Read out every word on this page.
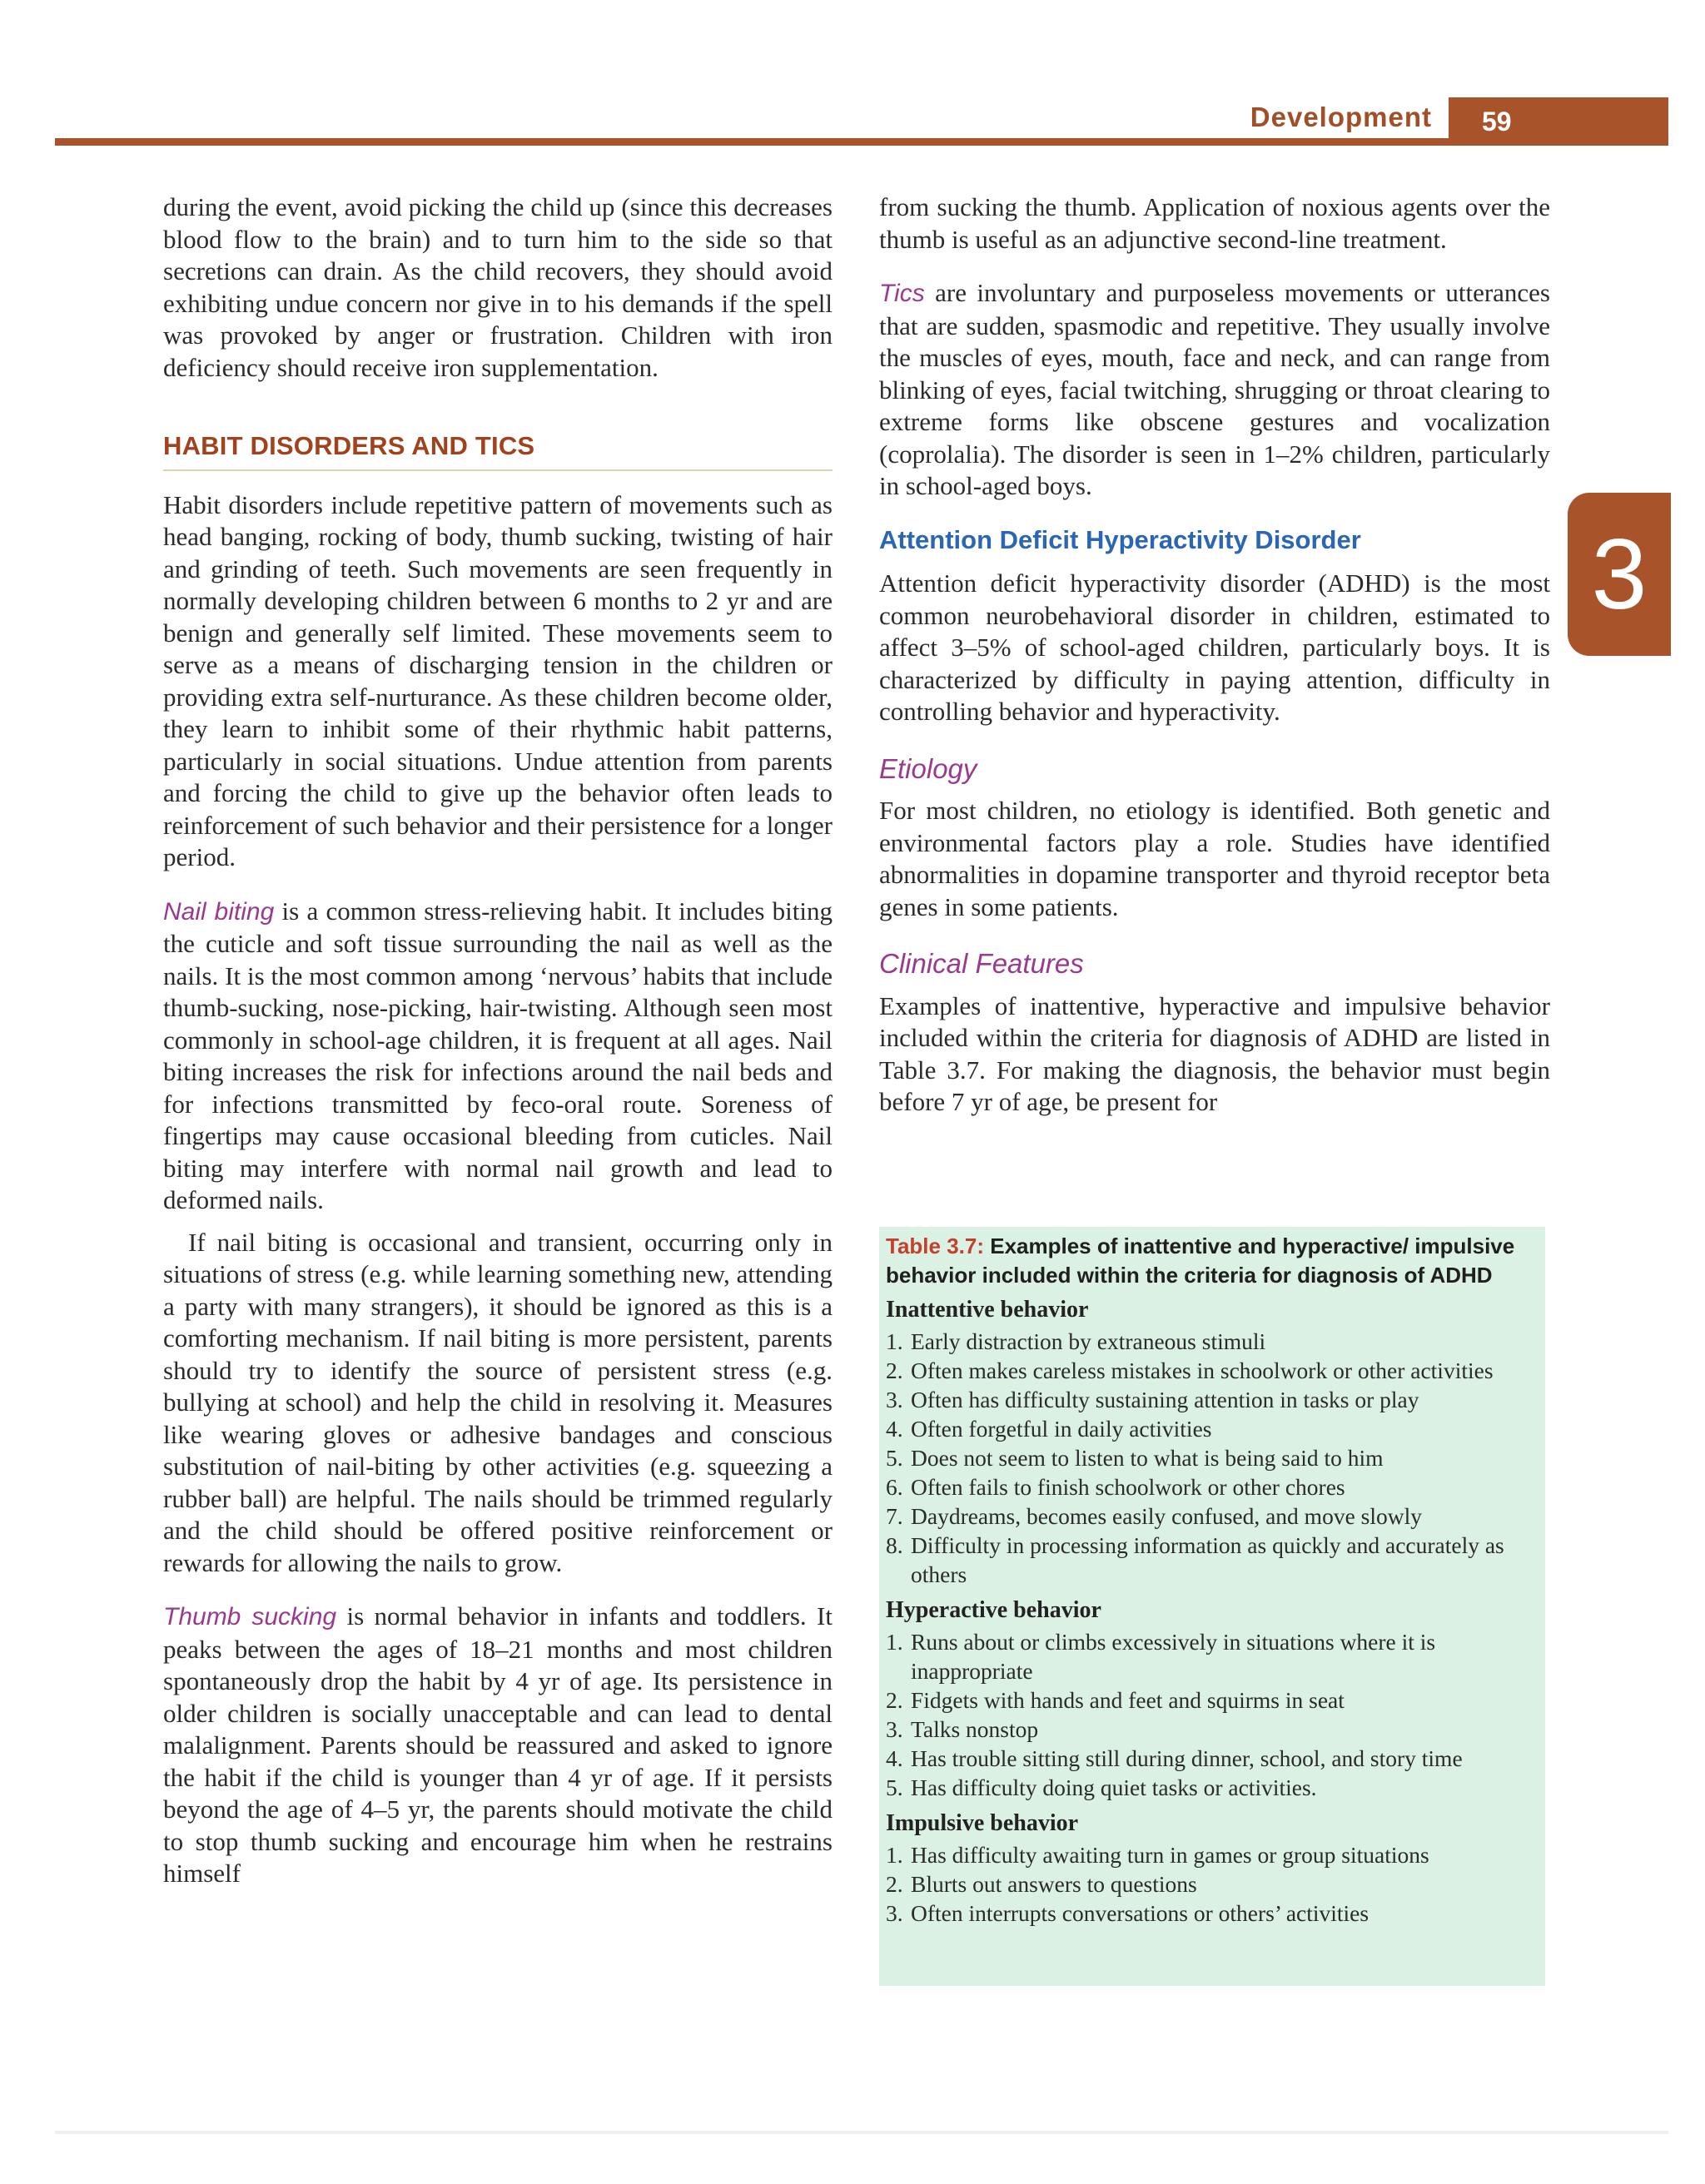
Development	59
3

during the event, avoid picking the child up (since this decreases blood flow to the brain) and to turn him to the side so that secretions can drain. As the child recovers, they should avoid exhibiting undue concern nor give in to his demands if the spell was provoked by anger or frustration. Children with iron deficiency should receive iron supplementation.

HABIT DISORDERS AND TICS

Habit disorders include repetitive pattern of movements such as head banging, rocking of body, thumb sucking, twisting of hair and grinding of teeth. Such movements are seen frequently in normally developing children between 6 months to 2 yr and are benign and generally self limited. These movements seem to serve as a means of discharging tension in the children or providing extra self-nurturance. As these children become older, they learn to inhibit some of their rhythmic habit patterns, particularly in social situations. Undue attention from parents and forcing the child to give up the behavior often leads to reinforcement of such behavior and their persistence for a longer period.

Nail biting is a common stress-relieving habit. It includes biting the cuticle and soft tissue surrounding the nail as well as the nails. It is the most common among ‘nervous’ habits that include thumb-sucking, nose-picking, hair-twisting. Although seen most commonly in school-age children, it is frequent at all ages. Nail biting increases the risk for infections around the nail beds and for infections transmitted by feco-oral route. Soreness of fingertips may cause occasional bleeding from cuticles. Nail biting may interfere with normal nail growth and lead to deformed nails.

If nail biting is occasional and transient, occurring only in situations of stress (e.g. while learning something new, attending a party with many strangers), it should be ignored as this is a comforting mechanism. If nail biting is more persistent, parents should try to identify the source of persistent stress (e.g. bullying at school) and help the child in resolving it. Measures like wearing gloves or adhesive bandages and conscious substitution of nail-biting by other activities (e.g. squeezing a rubber ball) are helpful. The nails should be trimmed regularly and the child should be offered positive reinforcement or rewards for allowing the nails to grow.

Thumb sucking is normal behavior in infants and toddlers. It peaks between the ages of 18–21 months and most children spontaneously drop the habit by 4 yr of age. Its persistence in older children is socially unacceptable and can lead to dental malalignment. Parents should be reassured and asked to ignore the habit if the child is younger than 4 yr of age. If it persists beyond the age of 4–5 yr, the parents should motivate the child to stop thumb sucking and encourage him when he restrains himself

from sucking the thumb. Application of noxious agents over the thumb is useful as an adjunctive second-line treatment.

Tics are involuntary and purposeless movements or utterances that are sudden, spasmodic and repetitive. They usually involve the muscles of eyes, mouth, face and neck, and can range from blinking of eyes, facial twitching, shrugging or throat clearing to extreme forms like obscene gestures and vocalization (coprolalia). The disorder is seen in 1–2% children, particularly in school-aged boys.

Attention Deficit Hyperactivity Disorder

Attention deficit hyperactivity disorder (ADHD) is the most common neurobehavioral disorder in children, estimated to affect 3–5% of school-aged children, particularly boys. It is characterized by difficulty in paying attention, difficulty in controlling behavior and hyperactivity.

Etiology

For most children, no etiology is identified. Both genetic and environmental factors play a role. Studies have identified abnormalities in dopamine transporter and thyroid receptor beta genes in some patients.

Clinical Features

Examples of inattentive, hyperactive and impulsive behavior included within the criteria for diagnosis of ADHD are listed in Table 3.7. For making the diagnosis, the behavior must begin before 7 yr of age, be present for

Table 3.7: Examples of inattentive and hyperactive/ impulsive behavior included within the criteria for diagnosis of ADHD
Inattentive behavior
1. Early distraction by extraneous stimuli
2. Often makes careless mistakes in schoolwork or other activities
3. Often has difficulty sustaining attention in tasks or play
4. Often forgetful in daily activities
5. Does not seem to listen to what is being said to him
6. Often fails to finish schoolwork or other chores
7. Daydreams, becomes easily confused, and move slowly
8. Difficulty in processing information as quickly and accurately as others
Hyperactive behavior
1. Runs about or climbs excessively in situations where it is inappropriate
2. Fidgets with hands and feet and squirms in seat
3. Talks nonstop
4. Has trouble sitting still during dinner, school, and story time
5. Has difficulty doing quiet tasks or activities.
Impulsive behavior
1. Has difficulty awaiting turn in games or group situations
2. Blurts out answers to questions
3. Often interrupts conversations or others’ activities
